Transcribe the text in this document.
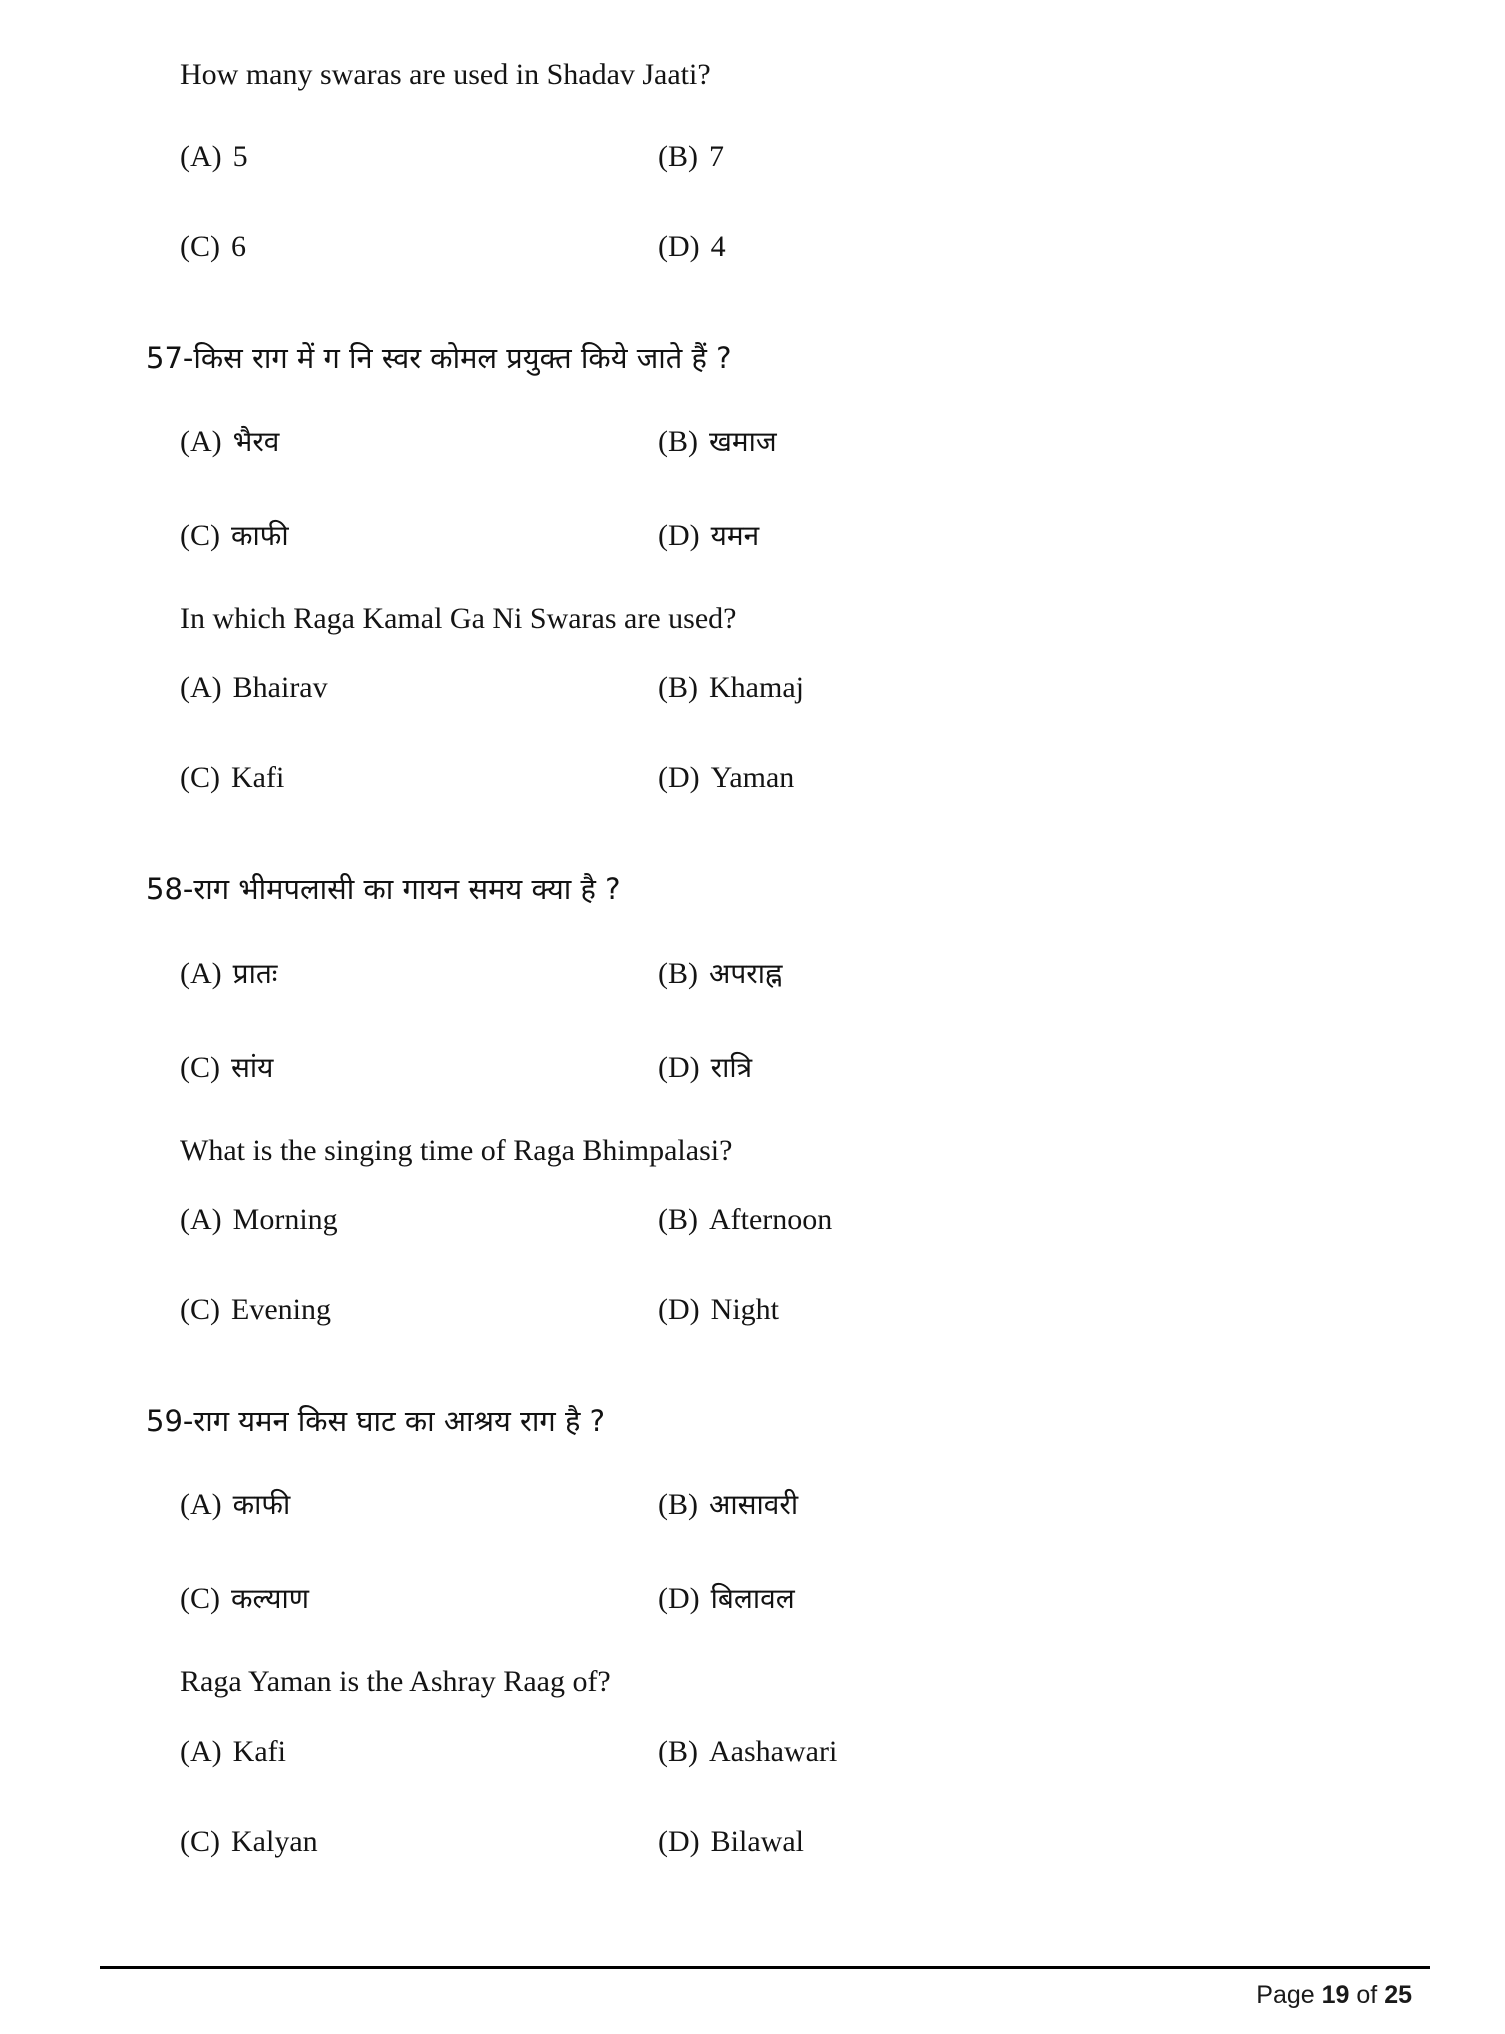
How many swaras are used in Shadav Jaati?
(A) 5	(B) 7
(C) 6	(D) 4
57-किस राग में ग नि स्वर कोमल प्रयुक्त किये जाते हैं ?
(A) भैरव	(B) खमाज
(C) काफी	(D) यमन
In which Raga Kamal Ga Ni Swaras are used?
(A) Bhairav	(B) Khamaj
(C) Kafi	(D) Yaman
58-राग भीमपलासी का गायन समय क्या है ?
(A) प्रातः	(B) अपराह्न
(C) सांय	(D) रात्रि
What is the singing time of Raga Bhimpalasi?
(A) Morning	(B) Afternoon
(C) Evening	(D) Night
59-राग यमन किस घाट का आश्रय राग है ?
(A) काफी	(B) आसावरी
(C) कल्याण	(D) बिलावल
Raga Yaman is the Ashray Raag of?
(A) Kafi	(B) Aashawari
(C) Kalyan	(D) Bilawal
Page 19 of 25
